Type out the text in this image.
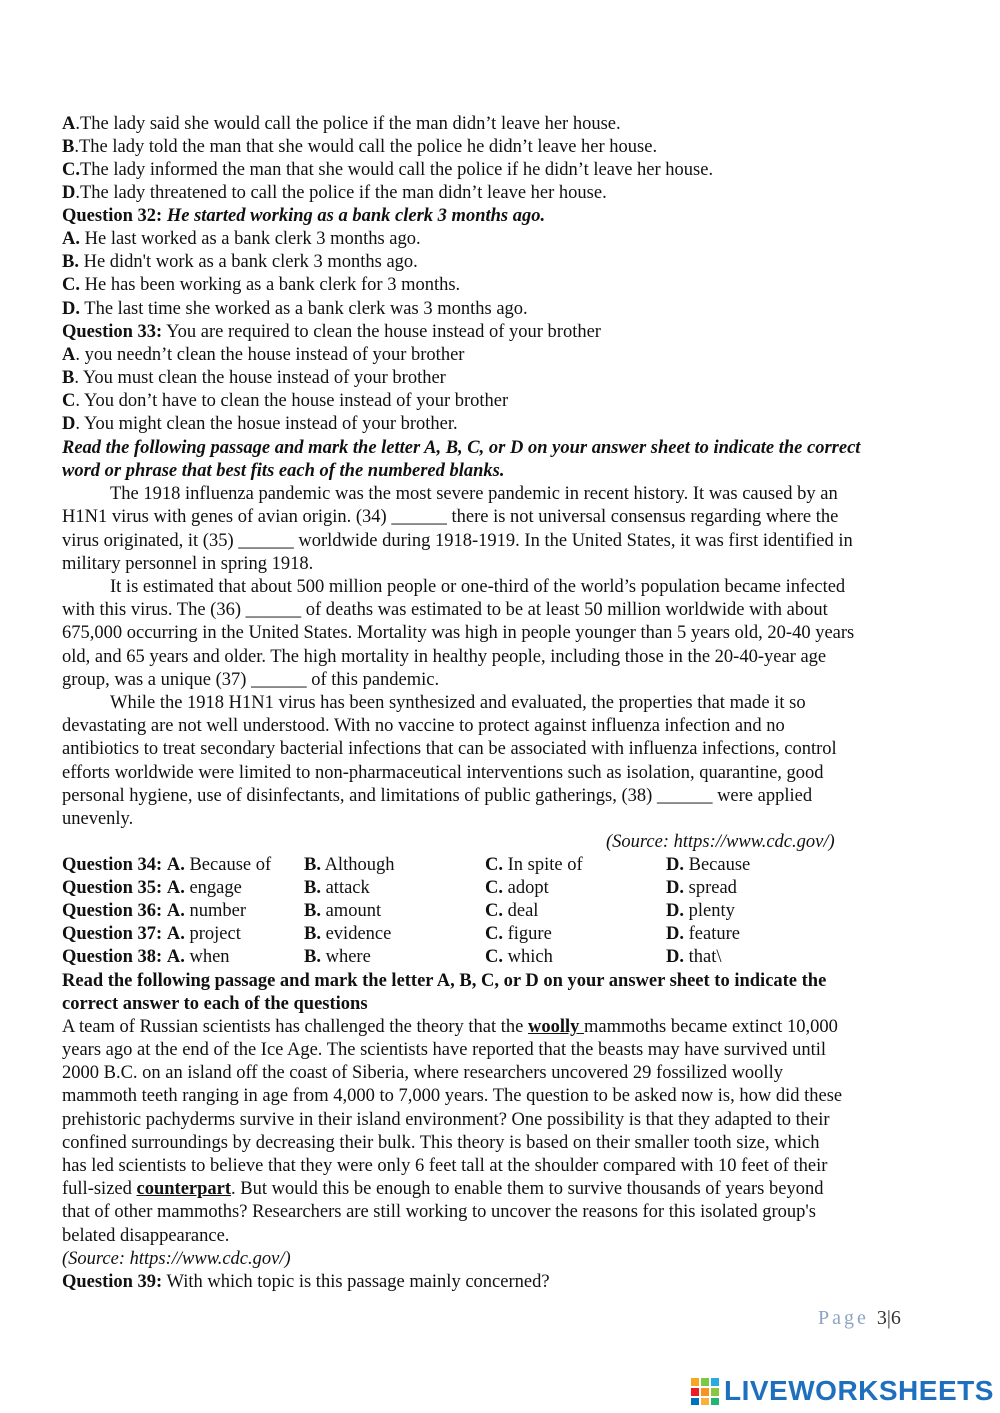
A.The lady said she would call the police if the man didn’t leave her house.
B.The lady told the man that she would call the police he didn’t leave her house.
C.The lady informed the man that she would call the police if he didn’t leave her house.
D.The lady threatened to call the police if the man didn’t leave her house.
Question 32: He started working as a bank clerk 3 months ago.
A. He last worked as a bank clerk 3 months ago.
B. He didn't work as a bank clerk 3 months ago.
C. He has been working as a bank clerk for 3 months.
D. The last time she worked as a bank clerk was 3 months ago.
Question 33: You are required to clean the house instead of your brother
A. you needn’t clean the house instead of your brother
B. You must clean the house instead of your brother
C. You don’t have to clean the house instead of your brother
D. You might clean the hosue instead of your brother.
Read the following passage and mark the letter A, B, C, or D on your answer sheet to indicate the correct
word or phrase that best fits each of the numbered blanks.
The 1918 influenza pandemic was the most severe pandemic in recent history. It was caused by an
H1N1 virus with genes of avian origin. (34) ______ there is not universal consensus regarding where the
virus originated, it (35) ______ worldwide during 1918-1919. In the United States, it was first identified in
military personnel in spring 1918.
It is estimated that about 500 million people or one-third of the world’s population became infected
with this virus. The (36) ______ of deaths was estimated to be at least 50 million worldwide with about
675,000 occurring in the United States. Mortality was high in people younger than 5 years old, 20-40 years
old, and 65 years and older. The high mortality in healthy people, including those in the 20-40-year age
group, was a unique (37) ______ of this pandemic.
While the 1918 H1N1 virus has been synthesized and evaluated, the properties that made it so
devastating are not well understood. With no vaccine to protect against influenza infection and no
antibiotics to treat secondary bacterial infections that can be associated with influenza infections, control
efforts worldwide were limited to non-pharmaceutical interventions such as isolation, quarantine, good
personal hygiene, use of disinfectants, and limitations of public gatherings, (38) ______ were applied
unevenly.
(Source: https://www.cdc.gov/)
Question 34: A. Because of B. Although	C. In spite of	D. Because
Question 35: A. engage	B. attack	C. adopt	D. spread
Question 36: A. number	B. amount	C. deal	D. plenty
Question 37: A. project	B. evidence	C. figure	D. feature
Question 38: A. when	B. where	C. which	D. that\
Read the following passage and mark the letter A, B, C, or D on your answer sheet to indicate the
correct answer to each of the questions
A team of Russian scientists has challenged the theory that the woolly mammoths became extinct 10,000
years ago at the end of the Ice Age. The scientists have reported that the beasts may have survived until
2000 B.C. on an island off the coast of Siberia, where researchers uncovered 29 fossilized woolly
mammoth teeth ranging in age from 4,000 to 7,000 years. The question to be asked now is, how did these
prehistoric pachyderms survive in their island environment? One possibility is that they adapted to their
confined surroundings by decreasing their bulk. This theory is based on their smaller tooth size, which
has led scientists to believe that they were only 6 feet tall at the shoulder compared with 10 feet of their
full-sized counterpart. But would this be enough to enable them to survive thousands of years beyond
that of other mammoths? Researchers are still working to uncover the reasons for this isolated group's
belated disappearance.
(Source: https://www.cdc.gov/)
Question 39: With which topic is this passage mainly concerned?
Page 3|6
LIVEWORKSHEETS
